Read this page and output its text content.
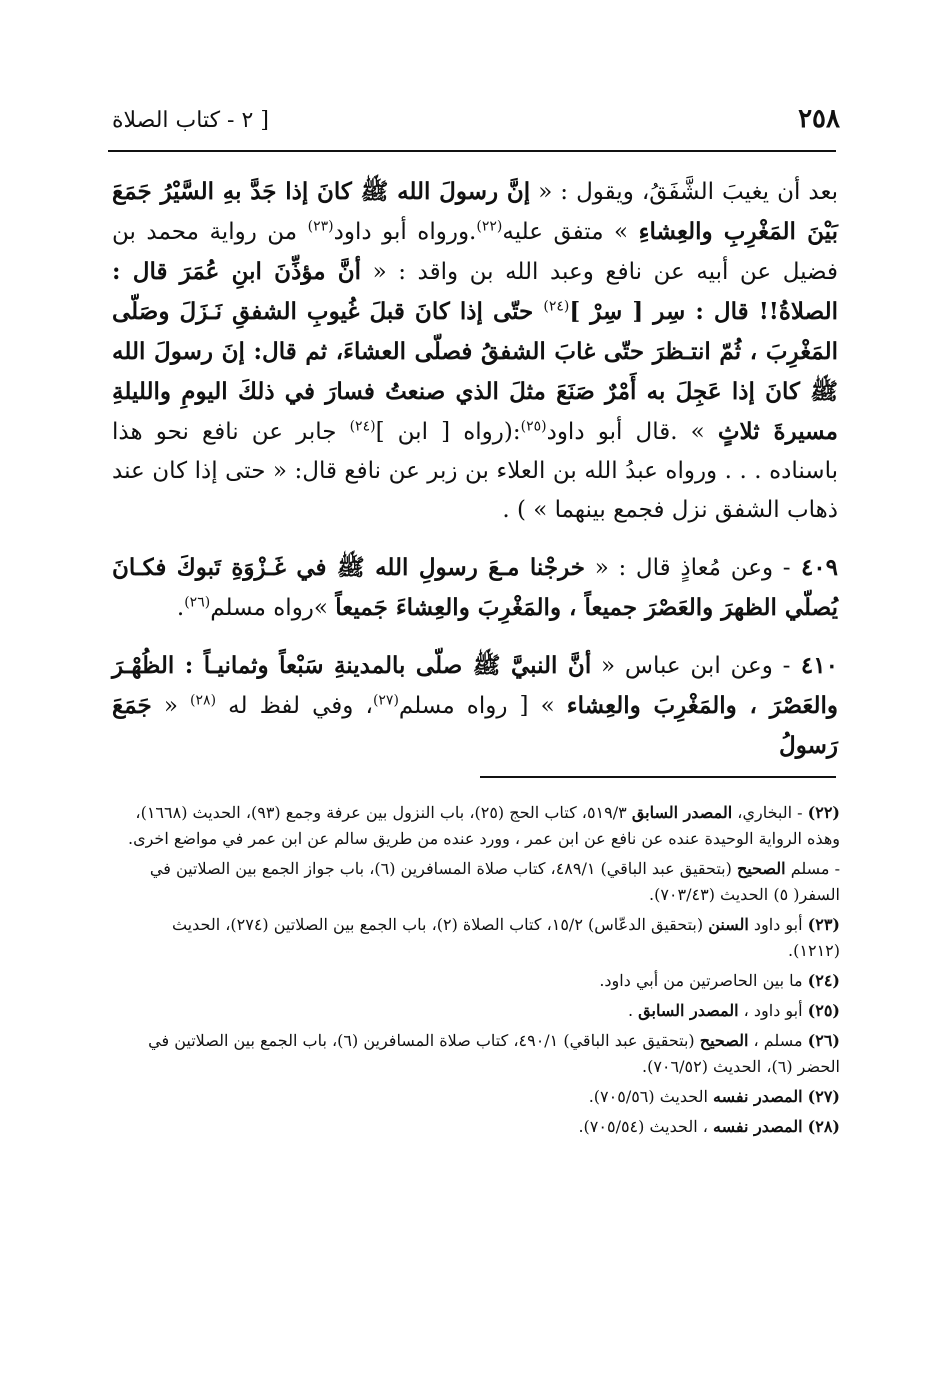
٢٥٨
[ ٢ - كتاب الصلاة

بعد أن يغيبَ الشَّفَقُ، ويقول : « إنَّ رسولَ الله ﷺ كانَ إذا جَدَّ بهِ السَّيْرُ جَمَعَ بَيْنَ المَغْرِبِ والعِشاءِ » متفق عليه$^{(٢٢)}$.ورواه أبو داود$^{(٢٣)}$ من رواية محمد بن فضيل عن أبيه عن نافع وعبد الله بن واقد : « أنَّ مؤذِّنَ ابنِ عُمَرَ قال : الصلاةُ!! قال : سِر [ سِرْ ]$^{(٢٤)}$ حتّى إذا كانَ قبلَ غُيوبِ الشفقِ نَـزَلَ وصَلّى المَغْرِبَ ، ثُمّ انتـظرَ حتّى غابَ الشفقُ فصلّى العشاءَ، ثم قال: إنَ رسولَ الله ﷺ كانَ إذا عَجِلَ به أَمْرٌ صَنَعَ مثلَ الذي صنعتُ فسارَ في ذلكَ اليومِ والليلةِ مسيرةَ ثلاثٍ » .قال أبو داود$^{(٢٥)}$:(رواه [ ابن ]$^{(٢٤)}$ جابر عن نافع نحو هذا باسناده . . . ورواه عبدُ الله بن العلاء بن زبر عن نافع قال: « حتى إذا كان عند ذهاب الشفق نزل فجمع بينهما » ) .

٤٠٩ - وعن مُعاذٍ قال : « خرجْنا مـعَ رسولِ الله ﷺ في غَـزْوَةِ تَبوكَ فكـانَ يُصلّي الظهرَ والعَصْرَ جميعاً ، والمَغْرِبَ والعِشاءَ جَميعاً »رواه مسلم$^{(٢٦)}$.

٤١٠ - وعن ابن عباس « أنَّ النبيَّ ﷺ صلّى بالمدينةِ سَبْعاً وثمانيـاً : الظُهْـرَ والعَصْرَ ، والمَغْرِبَ والعِشاء » [ رواه مسلم$^{(٢٧)}$، وفي لفظ له $^{(٢٨)}$ « جَمَعَ رَسولُ

(٢٢) - البخاري، المصدر السابق ٥١٩/٣، كتاب الحج (٢٥)، باب النزول بين عرفة وجمع (٩٣)، الحديث (١٦٦٨)، وهذه الرواية الوحيدة عنده عن نافع عن ابن عمر ، وورد عنده من طريق سالم عن ابن عمر في مواضع اخرى.

- مسلم الصحيح (بتحقيق عبد الباقي) ٤٨٩/١، كتاب صلاة المسافرين (٦)، باب جواز الجمع بين الصلاتين في السفر( ٥) الحديث (٧٠٣/٤٣).

(٢٣) أبو داود السنن (بتحقيق الدعّاس) ١٥/٢، كتاب الصلاة (٢)، باب الجمع بين الصلاتين (٢٧٤)، الحديث (١٢١٢).

(٢٤) ما بين الحاصرتين من أبي داود.

(٢٥) أبو داود ، المصدر السابق .

(٢٦) مسلم ، الصحيح (بتحقيق عبد الباقي) ٤٩٠/١، كتاب صلاة المسافرين (٦)، باب الجمع بين الصلاتين في الحضر (٦)، الحديث (٧٠٦/٥٢).

(٢٧) المصدر نفسه الحديث (٧٠٥/٥٦).

(٢٨) المصدر نفسه ، الحديث (٧٠٥/٥٤).
